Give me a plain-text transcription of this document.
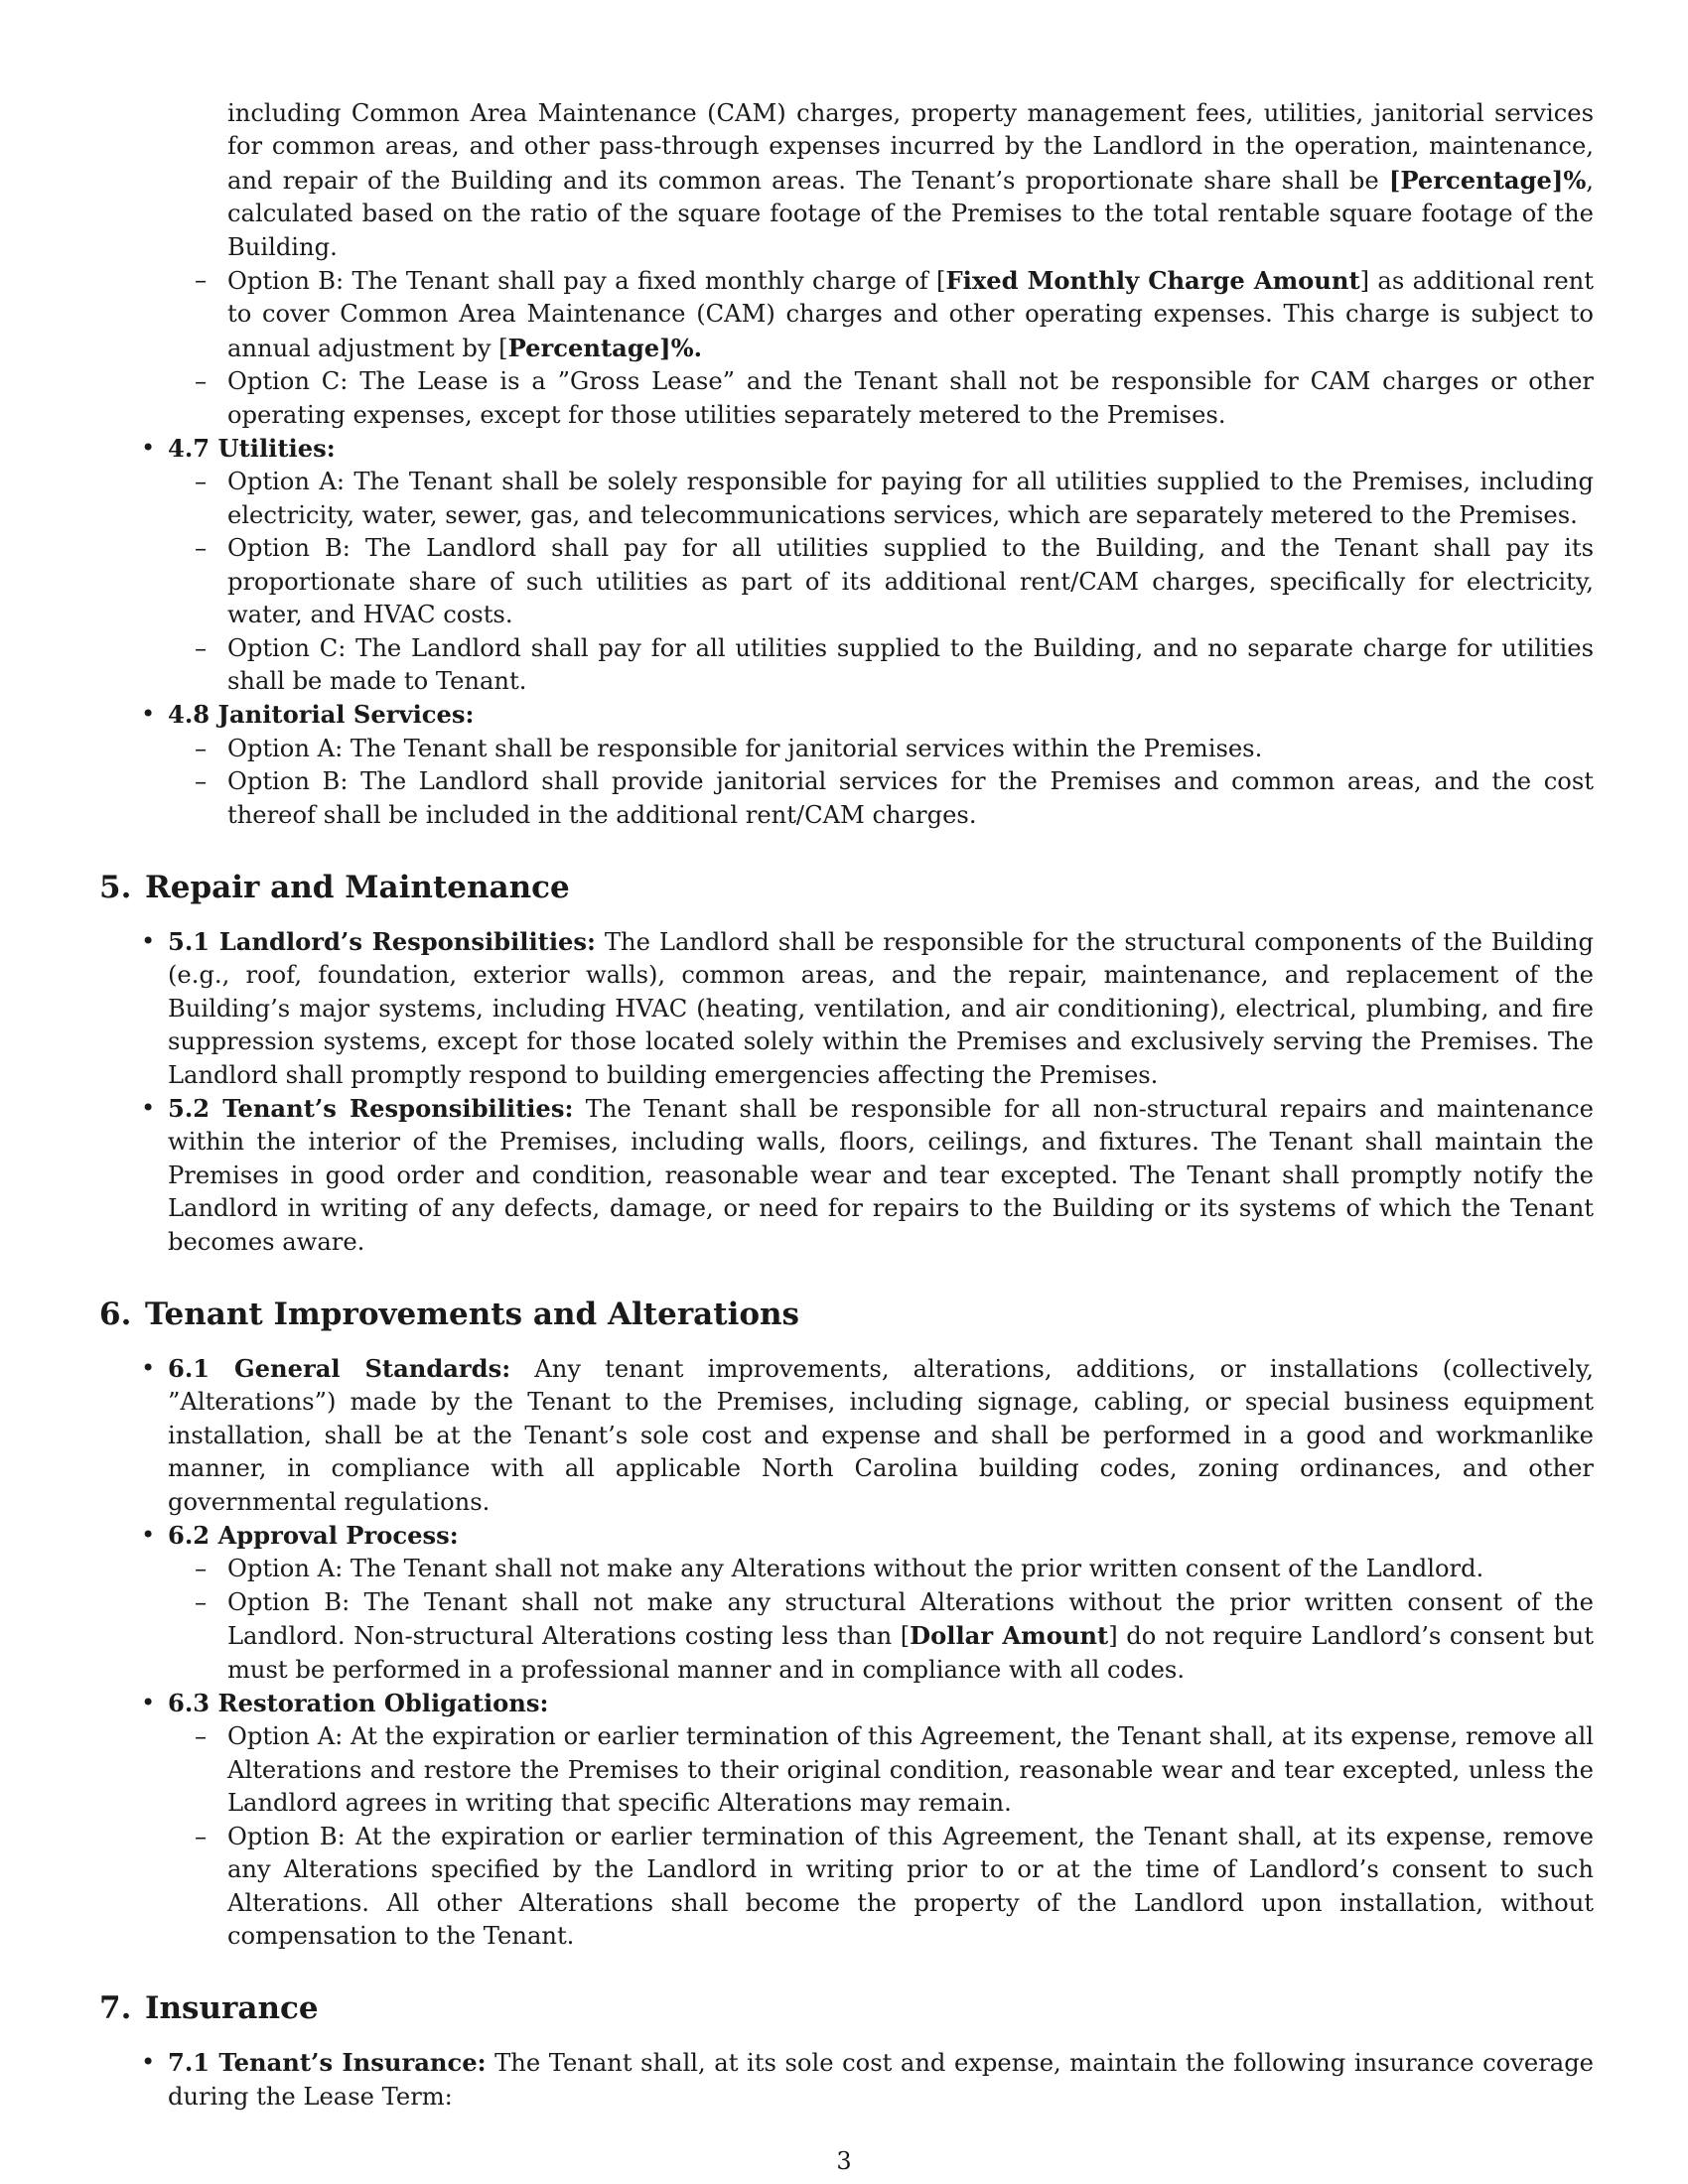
including Common Area Maintenance (CAM) charges, property management fees, utilities, janitorial services for common areas, and other pass-through expenses incurred by the Landlord in the operation, maintenance, and repair of the Building and its common areas. The Tenant’s proportionate share shall be [Percentage]%, calculated based on the ratio of the square footage of the Premises to the total rentable square footage of the Building.

– Option B: The Tenant shall pay a fixed monthly charge of [Fixed Monthly Charge Amount] as additional rent to cover Common Area Maintenance (CAM) charges and other operating expenses. This charge is subject to annual adjustment by [Percentage]%.
– Option C: The Lease is a ”Gross Lease” and the Tenant shall not be responsible for CAM charges or other operating expenses, except for those utilities separately metered to the Premises.
• 4.7 Utilities:
– Option A: The Tenant shall be solely responsible for paying for all utilities supplied to the Premises, including electricity, water, sewer, gas, and telecommunications services, which are separately metered to the Premises.
– Option B: The Landlord shall pay for all utilities supplied to the Building, and the Tenant shall pay its proportionate share of such utilities as part of its additional rent/CAM charges, specifically for electricity, water, and HVAC costs.
– Option C: The Landlord shall pay for all utilities supplied to the Building, and no separate charge for utilities shall be made to Tenant.
• 4.8 Janitorial Services:
– Option A: The Tenant shall be responsible for janitorial services within the Premises.
– Option B: The Landlord shall provide janitorial services for the Premises and common areas, and the cost thereof shall be included in the additional rent/CAM charges.
5. Repair and Maintenance
• 5.1 Landlord’s Responsibilities: The Landlord shall be responsible for the structural components of the Building (e.g., roof, foundation, exterior walls), common areas, and the repair, maintenance, and replacement of the Building’s major systems, including HVAC (heating, ventilation, and air conditioning), electrical, plumbing, and fire suppression systems, except for those located solely within the Premises and exclusively serving the Premises. The Landlord shall promptly respond to building emergencies affecting the Premises.
• 5.2 Tenant’s Responsibilities: The Tenant shall be responsible for all non-structural repairs and maintenance within the interior of the Premises, including walls, floors, ceilings, and fixtures. The Tenant shall maintain the Premises in good order and condition, reasonable wear and tear excepted. The Tenant shall promptly notify the Landlord in writing of any defects, damage, or need for repairs to the Building or its systems of which the Tenant becomes aware.
6. Tenant Improvements and Alterations
• 6.1 General Standards: Any tenant improvements, alterations, additions, or installations (collectively, ”Alterations”) made by the Tenant to the Premises, including signage, cabling, or special business equipment installation, shall be at the Tenant’s sole cost and expense and shall be performed in a good and workmanlike manner, in compliance with all applicable North Carolina building codes, zoning ordinances, and other governmental regulations.
• 6.2 Approval Process:
– Option A: The Tenant shall not make any Alterations without the prior written consent of the Landlord.
– Option B: The Tenant shall not make any structural Alterations without the prior written consent of the Landlord. Non-structural Alterations costing less than [Dollar Amount] do not require Landlord’s consent but must be performed in a professional manner and in compliance with all codes.
• 6.3 Restoration Obligations:
– Option A: At the expiration or earlier termination of this Agreement, the Tenant shall, at its expense, remove all Alterations and restore the Premises to their original condition, reasonable wear and tear excepted, unless the Landlord agrees in writing that specific Alterations may remain.
– Option B: At the expiration or earlier termination of this Agreement, the Tenant shall, at its expense, remove any Alterations specified by the Landlord in writing prior to or at the time of Landlord’s consent to such Alterations. All other Alterations shall become the property of the Landlord upon installation, without compensation to the Tenant.
7. Insurance
• 7.1 Tenant’s Insurance: The Tenant shall, at its sole cost and expense, maintain the following insurance coverage during the Lease Term:
3
